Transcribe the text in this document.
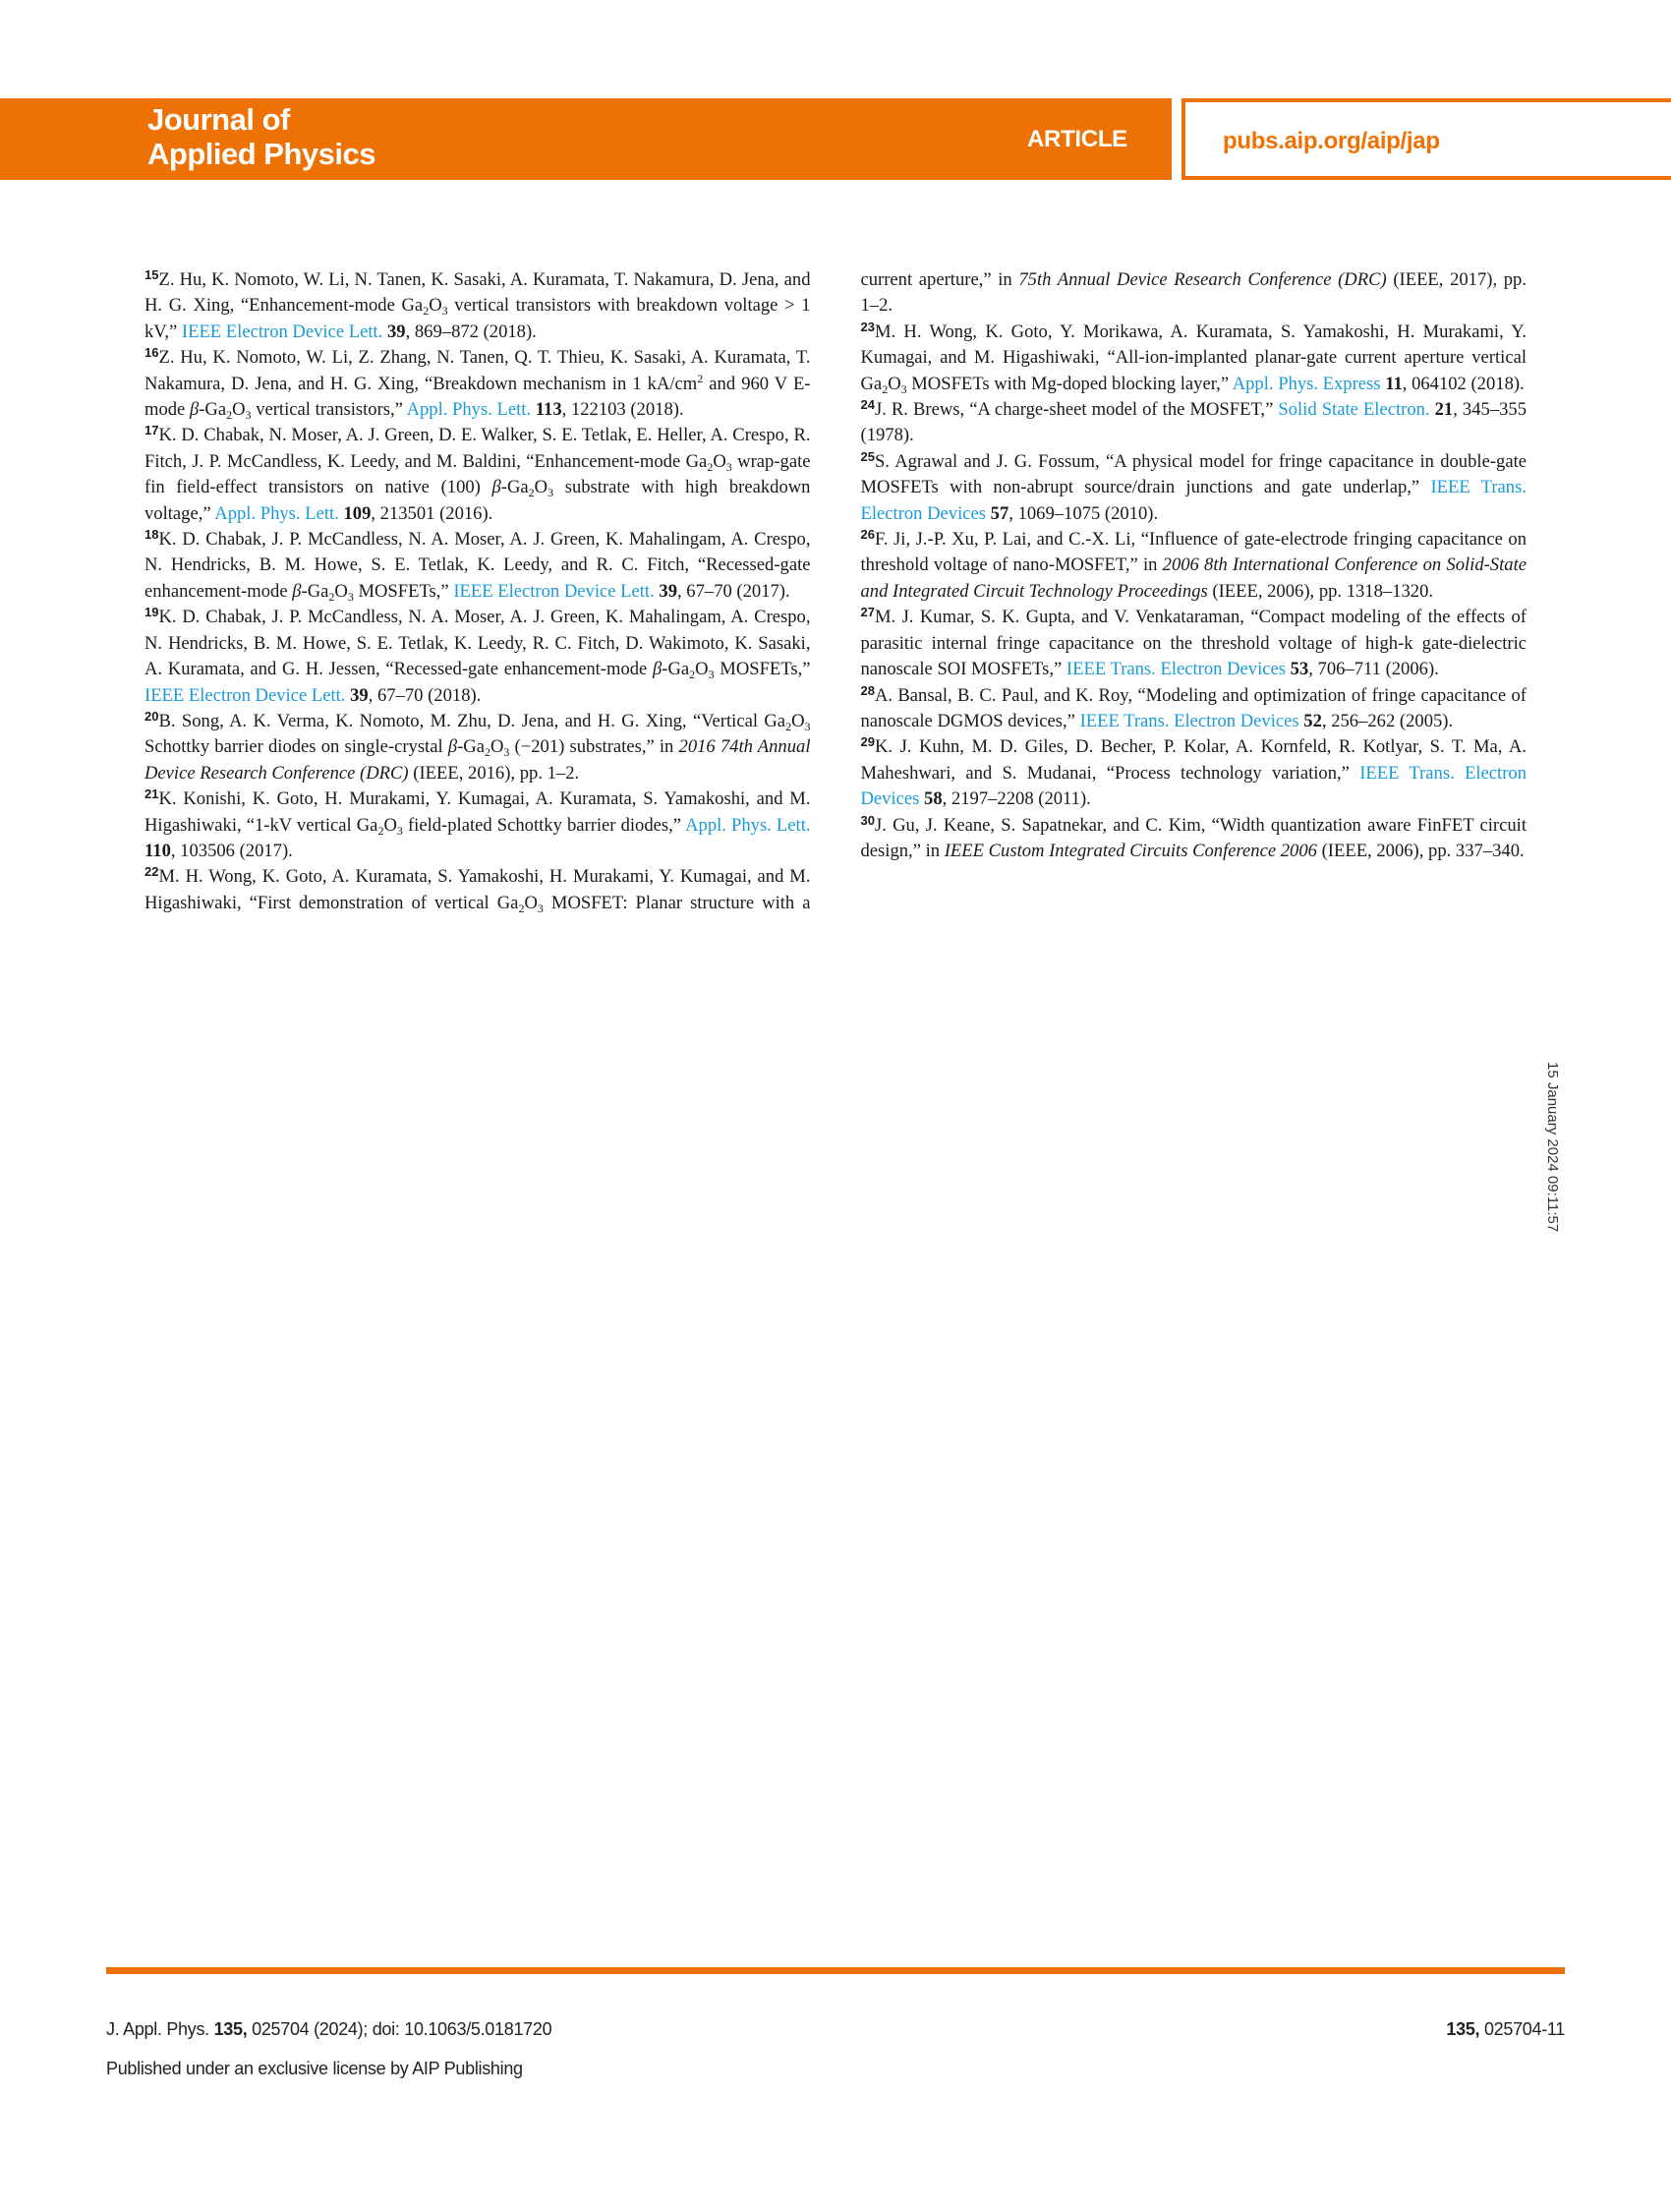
Journal of
Applied Physics	ARTICLE	pubs.aip.org/aip/jap
$^{15}$Z. Hu, K. Nomoto, W. Li, N. Tanen, K. Sasaki, A. Kuramata, T. Nakamura, D. Jena, and H. G. Xing, “Enhancement-mode $Ga_2O_3$ vertical transistors with breakdown voltage > 1 kV,” IEEE Electron Device Lett. 39, 869–872 (2018).
$^{16}$Z. Hu, K. Nomoto, W. Li, Z. Zhang, N. Tanen, Q. T. Thieu, K. Sasaki, A. Kuramata, T. Nakamura, D. Jena, and H. G. Xing, “Breakdown mechanism in 1 $kA/cm^2$ and 960 V E-mode $\beta-Ga_2O_3$ vertical transistors,” Appl. Phys. Lett. 113, 122103 (2018).
$^{17}$K. D. Chabak, N. Moser, A. J. Green, D. E. Walker, S. E. Tetlak, E. Heller, A. Crespo, R. Fitch, J. P. McCandless, K. Leedy, and M. Baldini, “Enhancement-mode $Ga_2O_3$ wrap-gate fin field-effect transistors on native (100) $\beta-Ga_2O_3$ substrate with high breakdown voltage,” Appl. Phys. Lett. 109, 213501 (2016).
$^{18}$K. D. Chabak, J. P. McCandless, N. A. Moser, A. J. Green, K. Mahalingam, A. Crespo, N. Hendricks, B. M. Howe, S. E. Tetlak, K. Leedy, and R. C. Fitch, “Recessed-gate enhancement-mode $\beta-Ga_2O_3$ MOSFETs,” IEEE Electron Device Lett. 39, 67–70 (2017).
$^{19}$K. D. Chabak, J. P. McCandless, N. A. Moser, A. J. Green, K. Mahalingam, A. Crespo, N. Hendricks, B. M. Howe, S. E. Tetlak, K. Leedy, R. C. Fitch, D. Wakimoto, K. Sasaki, A. Kuramata, and G. H. Jessen, “Recessed-gate enhancement-mode $\beta-Ga_2O_3$ MOSFETs,” IEEE Electron Device Lett. 39, 67–70 (2018).
$^{20}$B. Song, A. K. Verma, K. Nomoto, M. Zhu, D. Jena, and H. G. Xing, “Vertical $Ga_2O_3$ Schottky barrier diodes on single-crystal $\beta-Ga_2O_3$ (−201) substrates,” in 2016 74th Annual Device Research Conference (DRC) (IEEE, 2016), pp. 1–2.
$^{21}$K. Konishi, K. Goto, H. Murakami, Y. Kumagai, A. Kuramata, S. Yamakoshi, and M. Higashiwaki, “1-kV vertical $Ga_2O_3$ field-plated Schottky barrier diodes,” Appl. Phys. Lett. 110, 103506 (2017).
$^{22}$M. H. Wong, K. Goto, A. Kuramata, S. Yamakoshi, H. Murakami, Y. Kumagai, and M. Higashiwaki, “First demonstration of vertical $Ga_2O_3$ MOSFET: Planar structure with a current aperture,” in 75th Annual Device Research Conference (DRC) (IEEE, 2017), pp. 1–2.
$^{23}$M. H. Wong, K. Goto, Y. Morikawa, A. Kuramata, S. Yamakoshi, H. Murakami, Y. Kumagai, and M. Higashiwaki, “All-ion-implanted planar-gate current aperture vertical $Ga_2O_3$ MOSFETs with Mg-doped blocking layer,” Appl. Phys. Express 11, 064102 (2018).
$^{24}$J. R. Brews, “A charge-sheet model of the MOSFET,” Solid State Electron. 21, 345–355 (1978).
$^{25}$S. Agrawal and J. G. Fossum, “A physical model for fringe capacitance in double-gate MOSFETs with non-abrupt source/drain junctions and gate underlap,” IEEE Trans. Electron Devices 57, 1069–1075 (2010).
$^{26}$F. Ji, J.-P. Xu, P. Lai, and C.-X. Li, “Influence of gate-electrode fringing capacitance on threshold voltage of nano-MOSFET,” in 2006 8th International Conference on Solid-State and Integrated Circuit Technology Proceedings (IEEE, 2006), pp. 1318–1320.
$^{27}$M. J. Kumar, S. K. Gupta, and V. Venkataraman, “Compact modeling of the effects of parasitic internal fringe capacitance on the threshold voltage of high-k gate-dielectric nanoscale SOI MOSFETs,” IEEE Trans. Electron Devices 53, 706–711 (2006).
$^{28}$A. Bansal, B. C. Paul, and K. Roy, “Modeling and optimization of fringe capacitance of nanoscale DGMOS devices,” IEEE Trans. Electron Devices 52, 256–262 (2005).
$^{29}$K. J. Kuhn, M. D. Giles, D. Becher, P. Kolar, A. Kornfeld, R. Kotlyar, S. T. Ma, A. Maheshwari, and S. Mudanai, “Process technology variation,” IEEE Trans. Electron Devices 58, 2197–2208 (2011).
$^{30}$J. Gu, J. Keane, S. Sapatnekar, and C. Kim, “Width quantization aware FinFET circuit design,” in IEEE Custom Integrated Circuits Conference 2006 (IEEE, 2006), pp. 337–340.
15 January 2024 09:11:57
J. Appl. Phys. 135, 025704 (2024); doi: 10.1063/5.0181720
Published under an exclusive license by AIP Publishing
135, 025704-11
